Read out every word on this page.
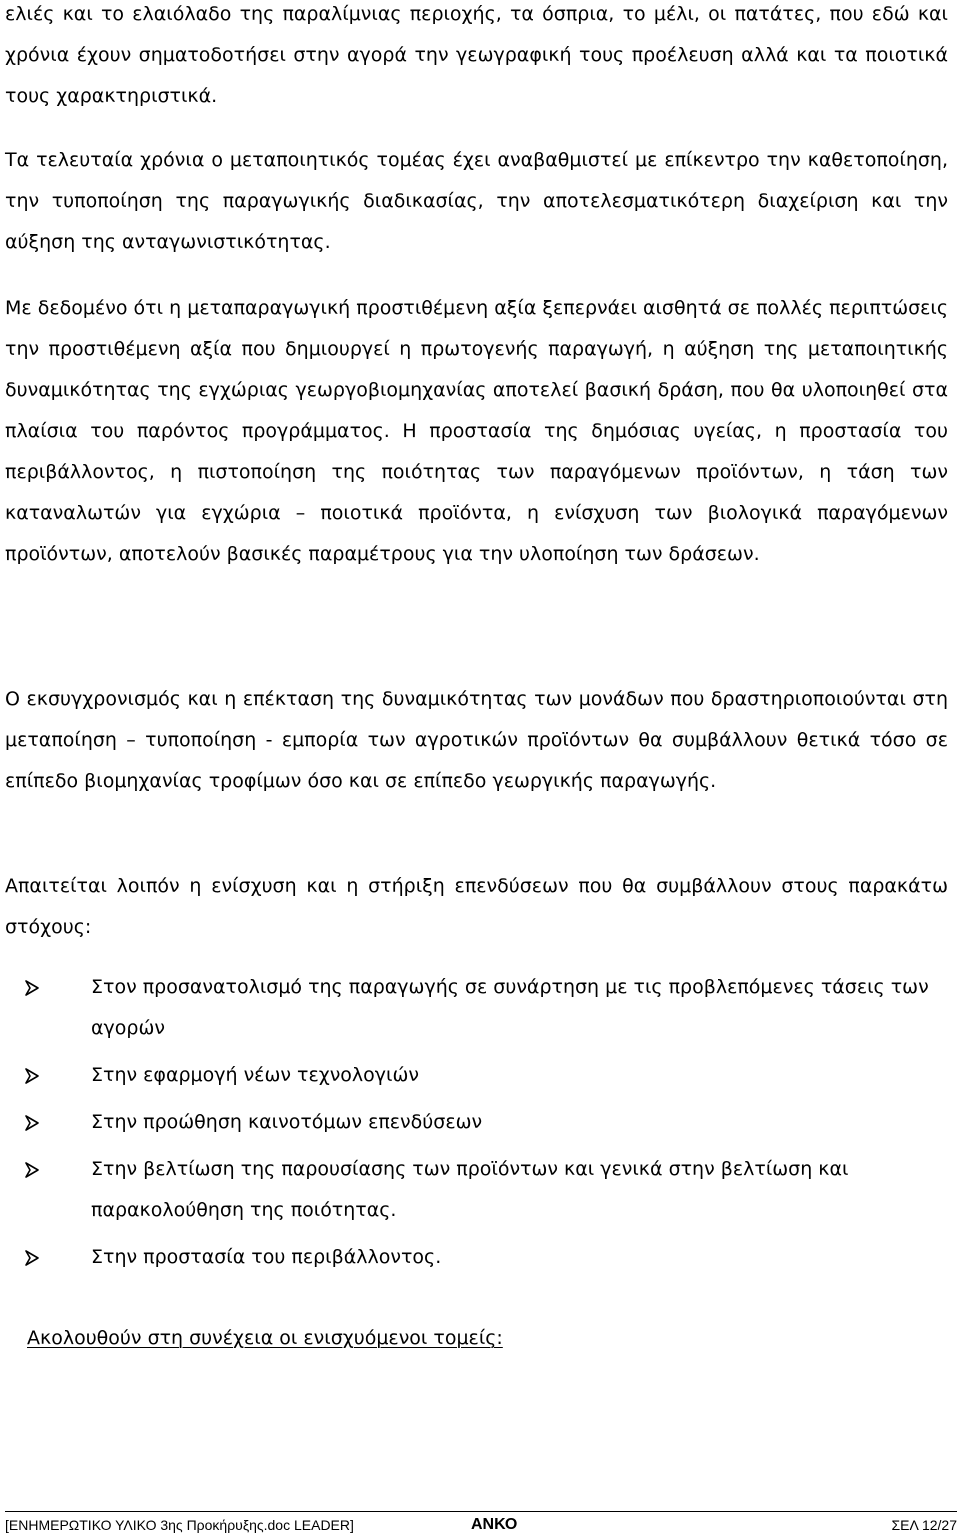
ελιές και το ελαιόλαδο της παραλίμνιας περιοχής, τα όσπρια, το μέλι, οι πατάτες, που εδώ και χρόνια έχουν σηματοδοτήσει στην αγορά την γεωγραφική τους προέλευση αλλά και τα ποιοτικά τους χαρακτηριστικά.

Τα τελευταία χρόνια ο μεταποιητικός τομέας έχει αναβαθμιστεί με επίκεντρο την καθετοποίηση, την τυποποίηση της παραγωγικής διαδικασίας, την αποτελεσματικότερη διαχείριση και την αύξηση της ανταγωνιστικότητας.

Με δεδομένο ότι η μεταπαραγωγική προστιθέμενη αξία ξεπερνάει αισθητά σε πολλές περιπτώσεις την προστιθέμενη αξία που δημιουργεί η πρωτογενής παραγωγή, η αύξηση της μεταποιητικής δυναμικότητας της εγχώριας γεωργοβιομηχανίας αποτελεί βασική δράση, που θα υλοποιηθεί στα πλαίσια του παρόντος προγράμματος. Η προστασία της δημόσιας υγείας, η προστασία του περιβάλλοντος, η πιστοποίηση της ποιότητας των παραγόμενων προϊόντων, η τάση των καταναλωτών για εγχώρια – ποιοτικά προϊόντα, η ενίσχυση των βιολογικά παραγόμενων προϊόντων, αποτελούν βασικές παραμέτρους για την υλοποίηση των δράσεων.

Ο εκσυγχρονισμός και η επέκταση της δυναμικότητας των μονάδων που δραστηριοποιούνται στη μεταποίηση – τυποποίηση - εμπορία των αγροτικών προϊόντων θα συμβάλλουν θετικά τόσο σε επίπεδο βιομηχανίας τροφίμων όσο και σε επίπεδο γεωργικής παραγωγής.

Απαιτείται λοιπόν η ενίσχυση και η στήριξη επενδύσεων που θα συμβάλλουν στους παρακάτω στόχους:

Στον προσανατολισμό της παραγωγής σε συνάρτηση με τις προβλεπόμενες τάσεις των αγορών
Στην εφαρμογή νέων τεχνολογιών
Στην προώθηση καινοτόμων επενδύσεων
Στην βελτίωση της παρουσίασης των προϊόντων και γενικά στην βελτίωση και παρακολούθηση της ποιότητας.
Στην προστασία του περιβάλλοντος.
Ακολουθούν στη συνέχεια οι ενισχυόμενοι τομείς:
[ΕΝΗΜΕΡΩΤΙΚΟ ΥΛΙΚΟ 3ης Προκήρυξης.doc LEADER]	ΑΝΚΟ	ΣΕΛ 12/27
